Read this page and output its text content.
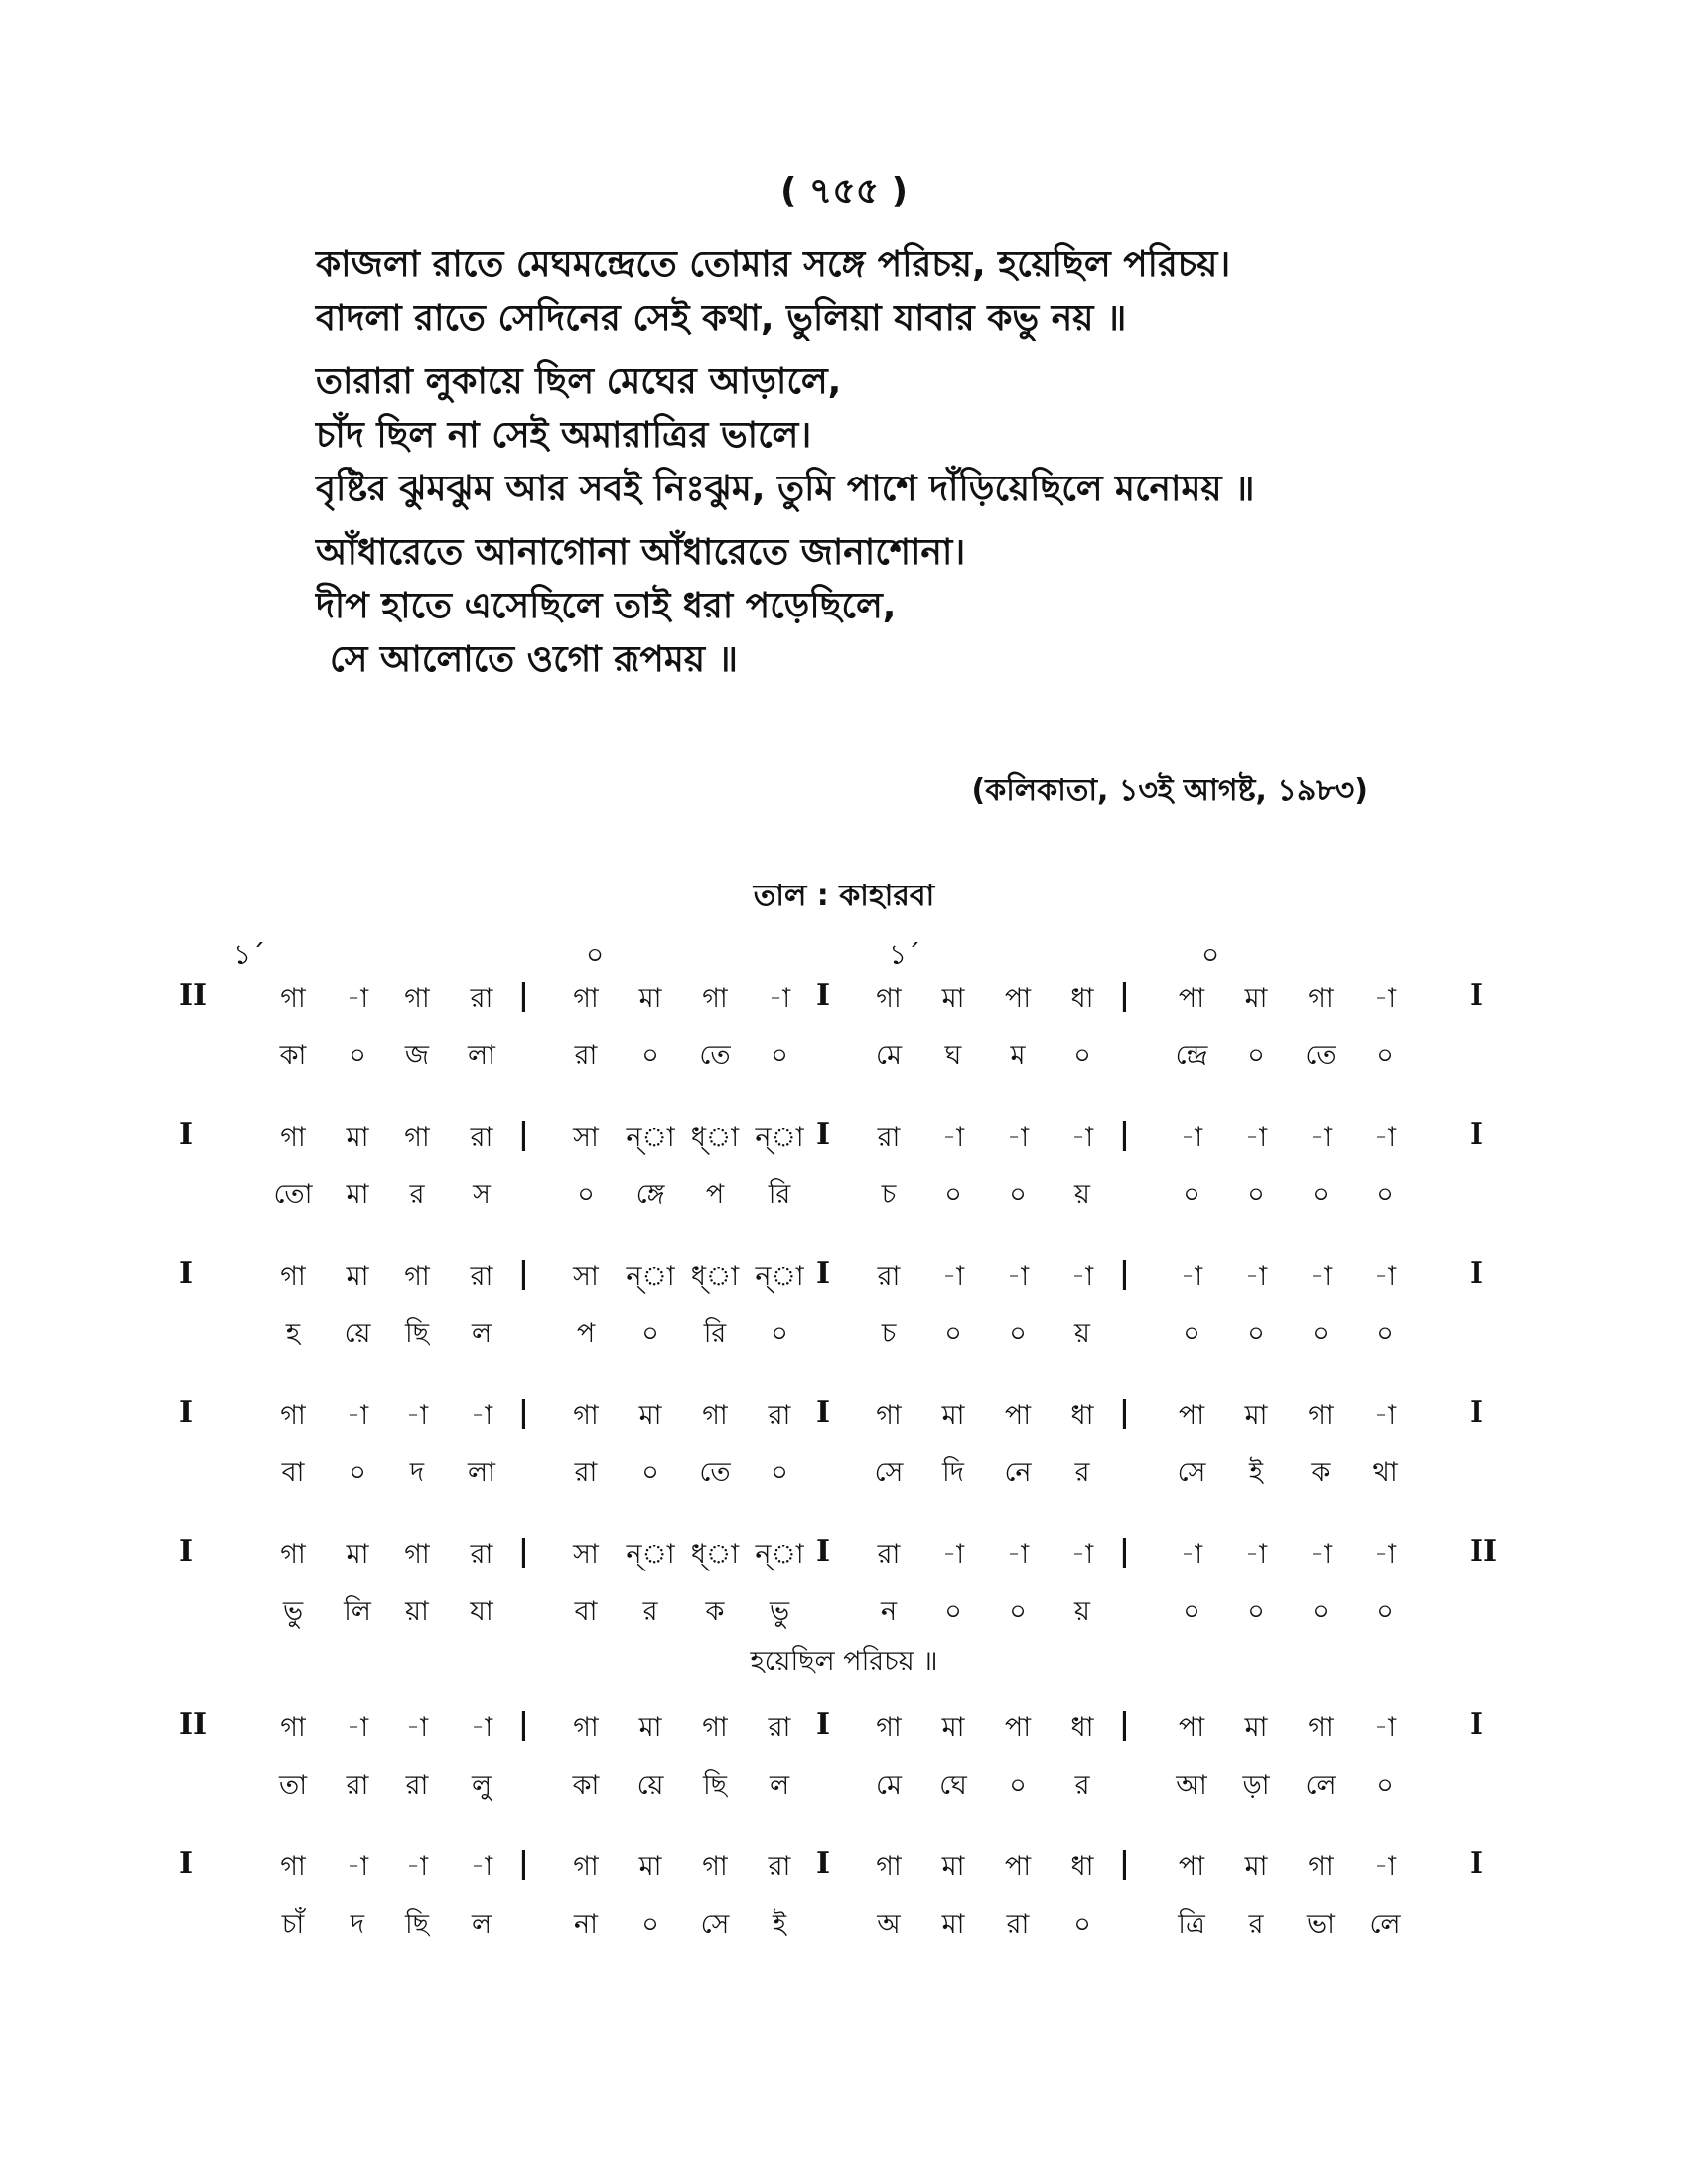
( ৭৫৫ )
কাজলা রাতে মেঘমন্দ্রেতে তোমার সঙ্গে পরিচয়, হয়েছিল পরিচয়।
বাদলা রাতে সেদিনের সেই কথা, ভুলিয়া যাবার কভু নয় ॥
তারারা লুকায়ে ছিল মেঘের আড়ালে,
চাঁদ ছিল না সেই অমারাত্রির ভালে।
বৃষ্টির ঝুমঝুম আর সবই নিঃঝুম, তুমি পাশে দাঁড়িয়েছিলে মনোময় ॥
আঁধারেতে আনাগোনা আঁধারেতে জানাশোনা।
দীপ হাতে এসেছিলে তাই ধরা পড়েছিলে,
সে আলোতে ওগো রূপময় ॥
(কলিকাতা, ১৩ই আগষ্ট, ১৯৮৩)
তাল : কাহারবা
১´	০	১´	০
II	গা	-া	গা	রা |	গা	মা	গা	-া I	গা	মা	পা	ধা |	পা	মা	গা	-া	I
কা	০	জ	লা	রা	০	তে	০	মে	ঘ	ম	০	ন্দ্রে	০	তে	০
I	গা	মা	গা	রা |	সা	ন্া ধ্া ন্া I	রা	-া	-া	-া |	-া	-া	-া	-া	I
তো	মা	র	স	০	ঙ্গে	প	রি	চ	০	০	য়	০	০	০	০
I	গা	মা	গা	রা |	সা	ন্া ধ্া ন্া I	রা	-া	-া	-া |	-া	-া	-া	-া	I
হ	য়ে	ছি	ল	প	০	রি	০	চ	০	০	য়	০	০	০	০
I	গা	-া	-া	-া |	গা	মা	গা	রা I	গা	মা	পা	ধা |	পা	মা	গা	-া	I
বা	০	দ	লা	রা	০	তে	০	সে	দি	নে	র	সে	ই	ক	থা
I	গা	মা	গা	রা |	সা	ন্া ধ্া ন্া I	রা	-া	-া	-া |	-া	-া	-া	-া	II
ভু	লি	য়া	যা	বা	র	ক	ভু	ন	০	০	য়	০	০	০	০
হয়েছিল পরিচয় ॥
II	গা	-া	-া	-া |	গা	মা	গা	রা I	গা	মা	পা	ধা |	পা	মা	গা	-া	I
তা	রা	রা	লু	কা	য়ে	ছি	ল	মে	ঘে	০	র	আ	ড়া	লে	০
I	গা	-া	-া	-া |	গা	মা	গা	রা I	গা	মা	পা	ধা |	পা	মা	গা	-া	I
চাঁ	দ	ছি	ল	না	০	সে	ই	অ	মা	রা	০	ত্রি	র	ভা	লে
